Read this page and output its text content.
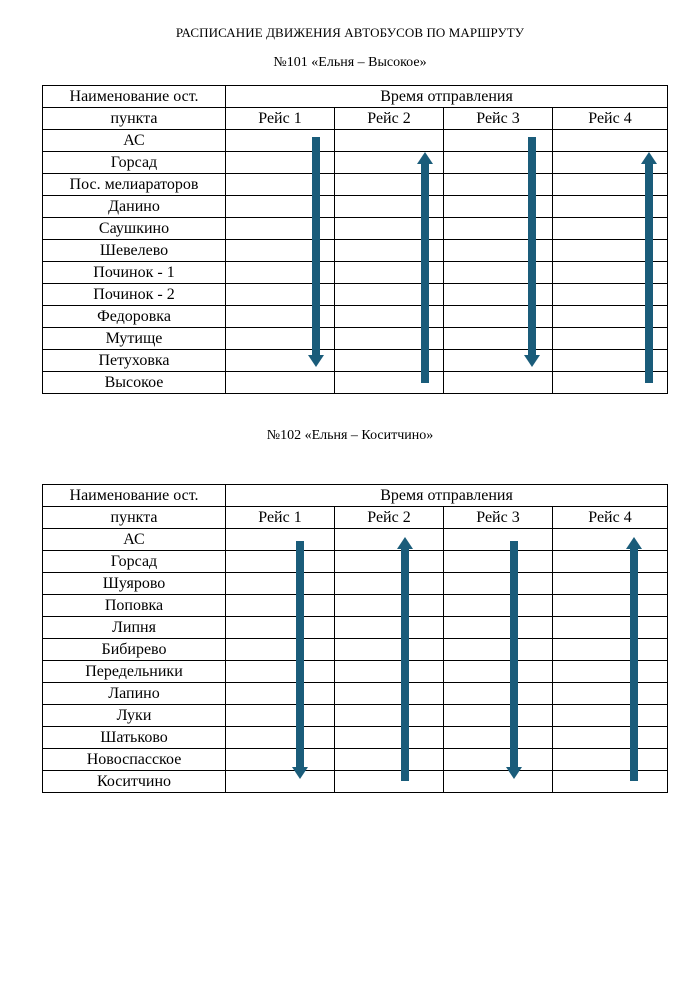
РАСПИСАНИЕ ДВИЖЕНИЯ АВТОБУСОВ ПО МАРШРУТУ
№101 «Ельня – Высокое»
Наименование ост.	Время отправления			
пункта	Рейс 1	Рейс 2	Рейс 3	Рейс 4
АС				
Горсад				
Пос. мелиараторов				
Данино				
Саушкино				
Шевелево				
Починок - 1				
Починок - 2				
Федоровка				
Мутище				
Петуховка				
Высокое				
№102 «Ельня – Коситчино»
Наименование ост.	Время отправления			
пункта	Рейс 1	Рейс 2	Рейс 3	Рейс 4
АС				
Горсад				
Шуярово				
Поповка				
Липня				
Бибирево				
Передельники				
Лапино				
Луки				
Шатьково				
Новоспасское				
Коситчино				
